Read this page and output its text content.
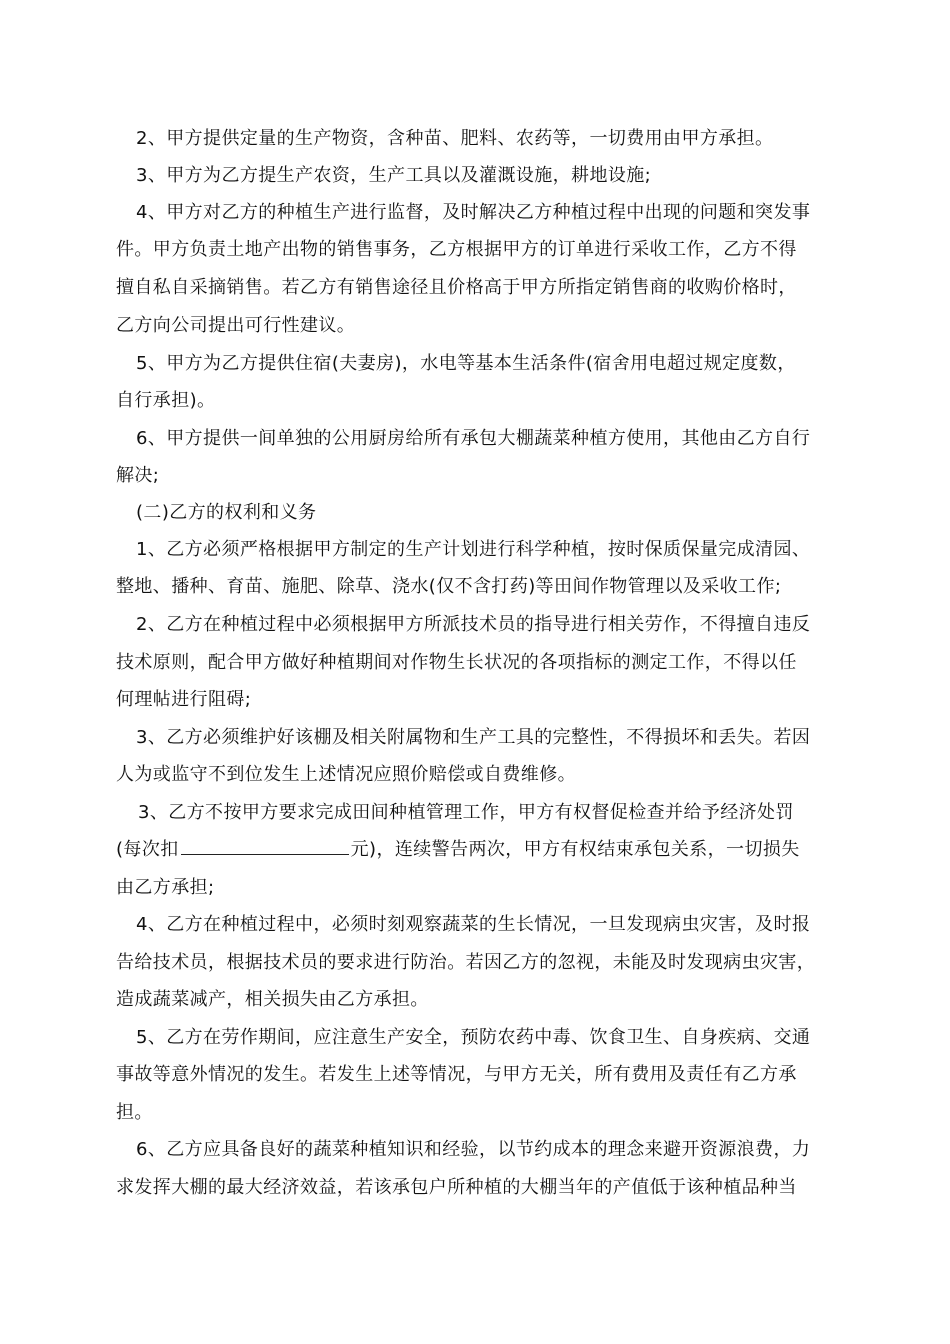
2、甲方提供定量的生产物资，含种苗、肥料、农药等，一切费用由甲方承担。
3、甲方为乙方提生产农资，生产工具以及灌溉设施，耕地设施;
4、甲方对乙方的种植生产进行监督，及时解决乙方种植过程中出现的问题和突发事
件。甲方负责土地产出物的销售事务，乙方根据甲方的订单进行采收工作，乙方不得
擅自私自采摘销售。若乙方有销售途径且价格高于甲方所指定销售商的收购价格时，
乙方向公司提出可行性建议。
5、甲方为乙方提供住宿(夫妻房)，水电等基本生活条件(宿舍用电超过规定度数，
自行承担)。
6、甲方提供一间单独的公用厨房给所有承包大棚蔬菜种植方使用，其他由乙方自行
解决;
(二)乙方的权利和义务
1、乙方必须严格根据甲方制定的生产计划进行科学种植，按时保质保量完成清园、
整地、播种、育苗、施肥、除草、浇水(仅不含打药)等田间作物管理以及采收工作;
2、乙方在种植过程中必须根据甲方所派技术员的指导进行相关劳作，不得擅自违反
技术原则，配合甲方做好种植期间对作物生长状况的各项指标的测定工作，不得以任
何理帖进行阻碍;
3、乙方必须维护好该棚及相关附属物和生产工具的完整性，不得损坏和丢失。若因
人为或监守不到位发生上述情况应照价赔偿或自费维修。
3、乙方不按甲方要求完成田间种植管理工作，甲方有权督促检查并给予经济处罚
(每次扣	元)，连续警告两次，甲方有权结束承包关系，一切损失
由乙方承担;
4、乙方在种植过程中，必须时刻观察蔬菜的生长情况，一旦发现病虫灾害，及时报
告给技术员，根据技术员的要求进行防治。若因乙方的忽视，未能及时发现病虫灾害，
造成蔬菜减产，相关损失由乙方承担。
5、乙方在劳作期间，应注意生产安全，预防农药中毒、饮食卫生、自身疾病、交通
事故等意外情况的发生。若发生上述等情况，与甲方无关，所有费用及责任有乙方承
担。
6、乙方应具备良好的蔬菜种植知识和经验，以节约成本的理念来避开资源浪费，力
求发挥大棚的最大经济效益，若该承包户所种植的大棚当年的产值低于该种植品种当
